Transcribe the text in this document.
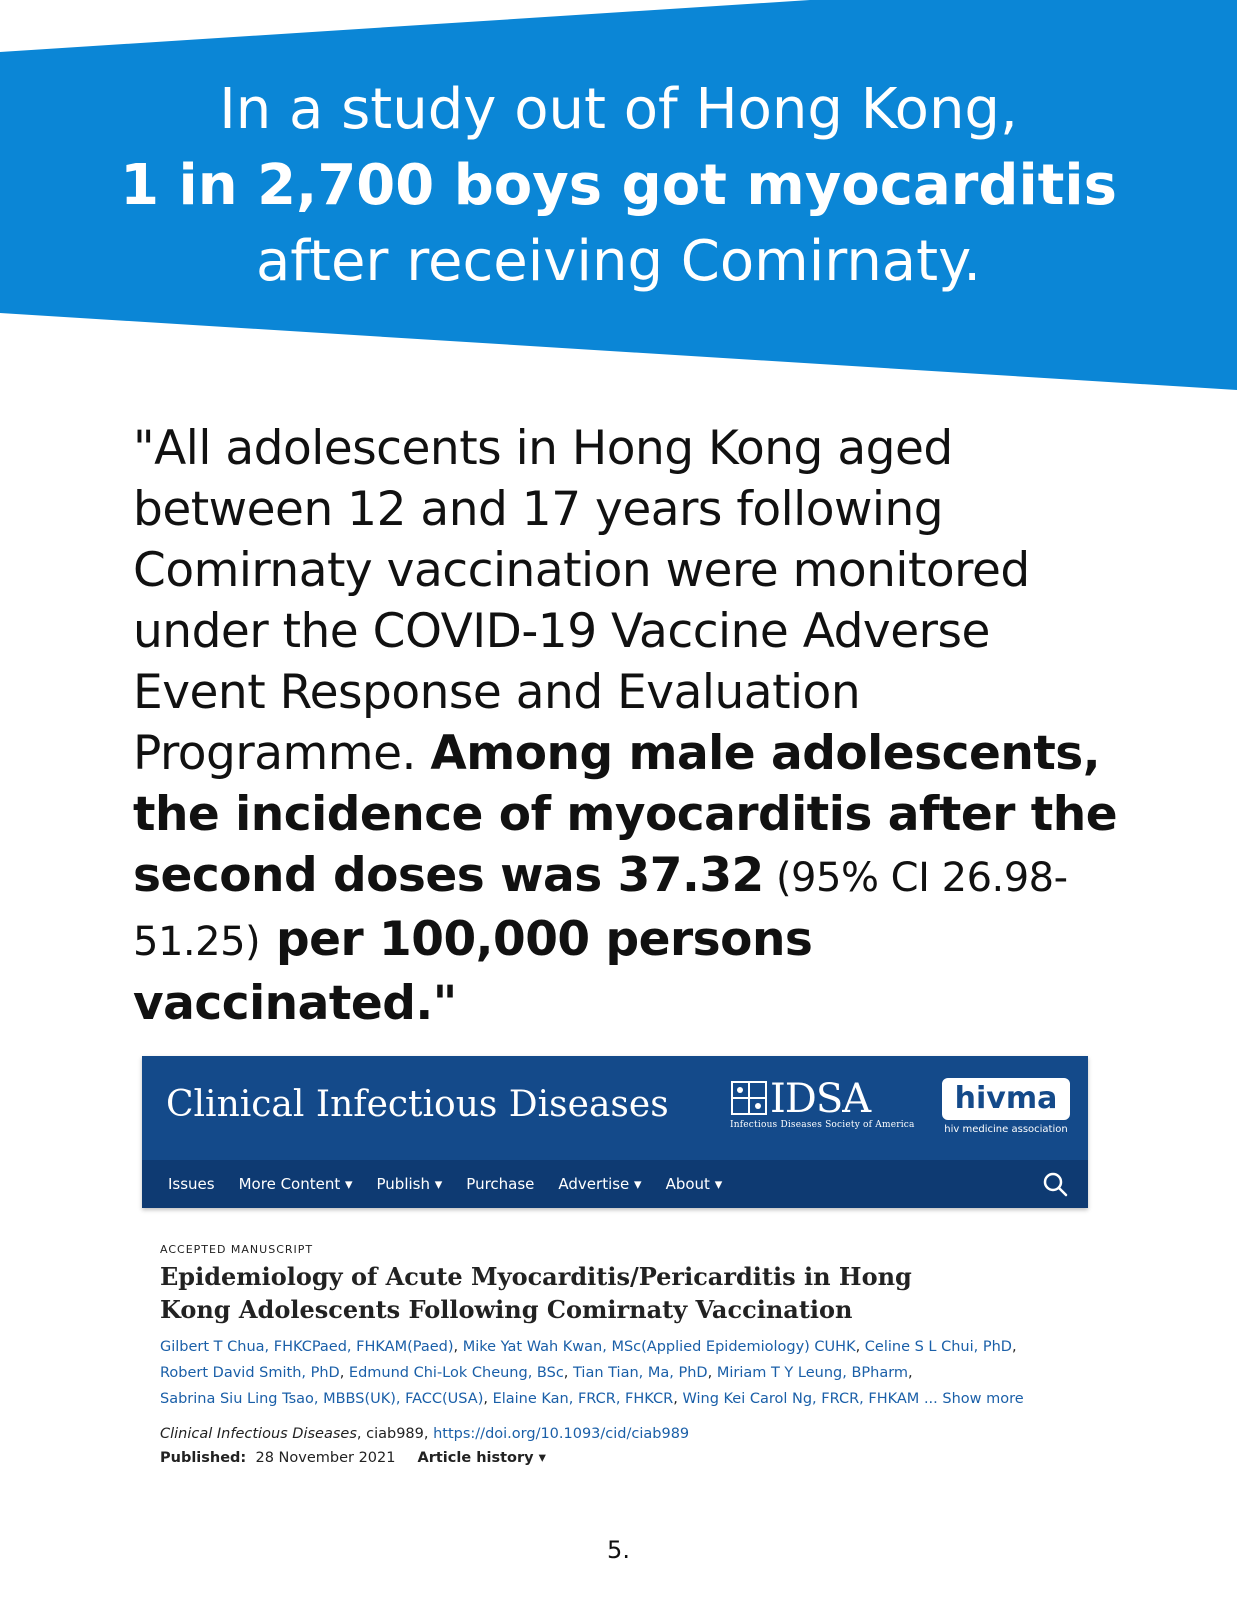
In a study out of Hong Kong,
1 in 2,700 boys got myocarditis
after receiving Comirnaty.
"All adolescents in Hong Kong aged between 12 and 17 years following Comirnaty vaccination were monitored under the COVID-19 Vaccine Adverse Event Response and Evaluation Programme. Among male adolescents, the incidence of myocarditis after the second doses was 37.32 (95% CI 26.98-51.25) per 100,000 persons vaccinated."
Clinical Infectious Diseases	IDSA
Infectious Diseases Society of America
hivma
hiv medicine association
Issues More Content ▾ Publish ▾ Purchase Advertise ▾ About ▾
ACCEPTED MANUSCRIPT
Epidemiology of Acute Myocarditis/Pericarditis in Hong Kong Adolescents Following Comirnaty Vaccination
Gilbert T Chua, FHKCPaed, FHKAM(Paed), Mike Yat Wah Kwan, MSc(Applied Epidemiology) CUHK, Celine S L Chui, PhD,
Robert David Smith, PhD, Edmund Chi-Lok Cheung, BSc, Tian Tian, Ma, PhD, Miriam T Y Leung, BPharm,
Sabrina Siu Ling Tsao, MBBS(UK), FACC(USA), Elaine Kan, FRCR, FHKCR, Wing Kei Carol Ng, FRCR, FHKAM ... Show more
Clinical Infectious Diseases, ciab989, https://doi.org/10.1093/cid/ciab989
Published: 28 November 2021 Article history ▾
5.
